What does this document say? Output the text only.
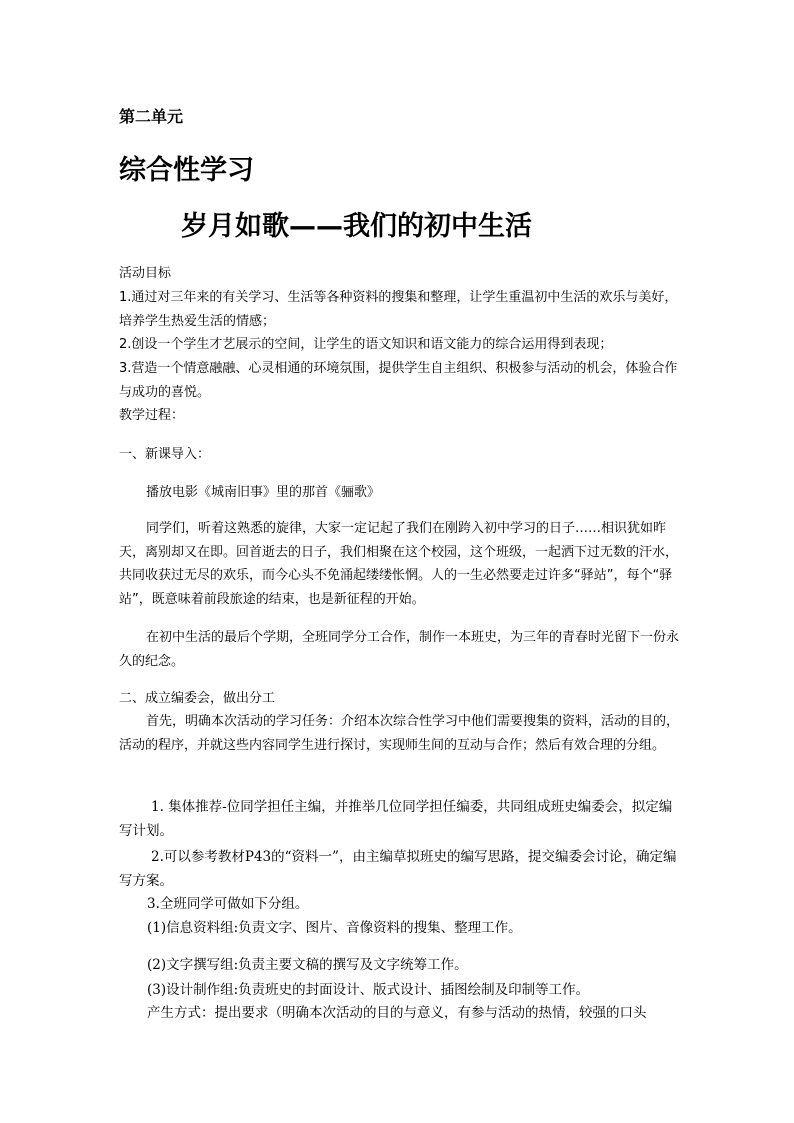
第二单元

综合性学习

岁月如歌——我们的初中生活

活动目标

1.通过对三年来的有关学习、生活等各种资料的搜集和整理，让学生重温初中生活的欢乐与美好，培养学生热爱生活的情感；

2.创设一个学生才艺展示的空间，让学生的语文知识和语文能力的综合运用得到表现；

3.营造一个情意融融、心灵相通的环境氛围，提供学生自主组织、积极参与活动的机会，体验合作与成功的喜悦。

教学过程：

一、新课导入：

播放电影《城南旧事》里的那首《骊歌》

同学们，听着这熟悉的旋律，大家一定记起了我们在刚跨入初中学习的日子……相识犹如昨天，离别却又在即。回首逝去的日子，我们相聚在这个校园，这个班级，一起洒下过无数的汗水，共同收获过无尽的欢乐，而今心头不免涌起缕缕怅惘。人的一生必然要走过许多“驿站”，每个“驿站”，既意味着前段旅途的结束，也是新征程的开始。

在初中生活的最后个学期，全班同学分工合作，制作一本班史，为三年的青春时光留下一份永久的纪念。

二、成立编委会，做出分工

首先，明确本次活动的学习任务：介绍本次综合性学习中他们需要搜集的资料，活动的目的，活动的程序，并就这些内容同学生进行探讨，实现师生间的互动与合作；然后有效合理的分组。

1. 集体推荐-位同学担任主编，并推举几位同学担任编委，共同组成班史编委会，拟定编写计划。

2.可以参考教材P43的“资料一”，由主编草拟班史的编写思路，提交编委会讨论，确定编写方案。

3.全班同学可做如下分组。

(1)信息资料组:负责文字、图片、音像资料的搜集、整理工作。

(2)文字撰写组:负责主要文稿的撰写及文字统筹工作。

(3)设计制作组:负责班史的封面设计、版式设计、插图绘制及印制等工作。

产生方式：提出要求（明确本次活动的目的与意义，有参与活动的热情，较强的口头
